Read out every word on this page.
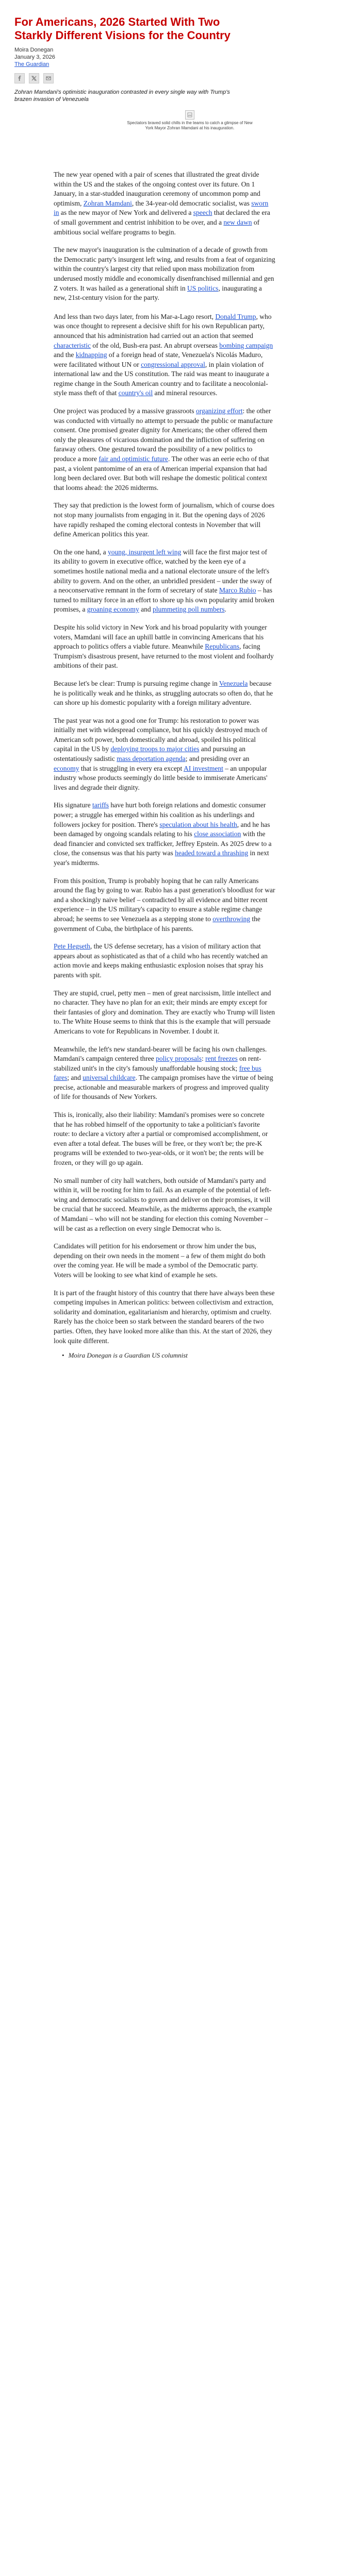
For Americans, 2026 Started With Two Starkly Different Visions for the Country
Moira Donegan
January 3, 2026
The Guardian
Zohran Mamdani's optimistic inauguration contrasted in every single way with Trump's brazen invasion of Venezuela
Spectators braved solid chills in the teams to catch a glimpse of New York Mayor Zohran Mamdani at his inauguration.

The new year opened with a pair of scenes that illustrated the great divide within the US and the stakes of the ongoing contest over its future. On 1 January, in a star-studded inauguration ceremony of uncommon pomp and optimism, Zohran Mamdani, the 34-year-old democratic socialist, was sworn in as the new mayor of New York and delivered a speech that declared the era of small government and centrist inhibition to be over, and a new dawn of ambitious social welfare programs to begin.

The new mayor's inauguration is the culmination of a decade of growth from the Democratic party's insurgent left wing, and results from a feat of organizing within the country's largest city that relied upon mass mobilization from underused mostly middle and economically disenfranchised millennial and gen Z voters. It was hailed as a generational shift in US politics, inaugurating a new, 21st-century vision for the party.

And less than two days later, from his Mar-a-Lago resort, Donald Trump, who was once thought to represent a decisive shift for his own Republican party, announced that his administration had carried out an action that seemed characteristic of the old, Bush-era past. An abrupt overseas bombing campaign and the kidnapping of a foreign head of state, Venezuela's Nicolás Maduro, were facilitated without UN or congressional approval, in plain violation of international law and the US constitution. The raid was meant to inaugurate a regime change in the South American country and to facilitate a neocolonial-style mass theft of that country's oil and mineral resources.

One project was produced by a massive grassroots organizing effort: the other was conducted with virtually no attempt to persuade the public or manufacture consent. One promised greater dignity for Americans; the other offered them only the pleasures of vicarious domination and the infliction of suffering on faraway others. One gestured toward the possibility of a new politics to produce a more fair and optimistic future. The other was an eerie echo of that past, a violent pantomime of an era of American imperial expansion that had long been declared over. But both will reshape the domestic political context that looms ahead: the 2026 midterms.

They say that prediction is the lowest form of journalism, which of course does not stop many journalists from engaging in it. But the opening days of 2026 have rapidly reshaped the coming electoral contests in November that will define American politics this year.

On the one hand, a young, insurgent left wing will face the first major test of its ability to govern in executive office, watched by the keen eye of a sometimes hostile national media and a national electorate unsure of the left's ability to govern. And on the other, an unbridled president – under the sway of a neoconservative remnant in the form of secretary of state Marco Rubio – has turned to military force in an effort to shore up his own popularity amid broken promises, a groaning economy and plummeting poll numbers.

Despite his solid victory in New York and his broad popularity with younger voters, Mamdani will face an uphill battle in convincing Americans that his approach to politics offers a viable future. Meanwhile Republicans, facing Trumpism's disastrous present, have returned to the most violent and foolhardy ambitions of their past.

Because let's be clear: Trump is pursuing regime change in Venezuela because he is politically weak and he thinks, as struggling autocrats so often do, that he can shore up his domestic popularity with a foreign military adventure.

The past year was not a good one for Trump: his restoration to power was initially met with widespread compliance, but his quickly destroyed much of American soft power, both domestically and abroad, spoiled his political capital in the US by deploying troops to major cities and pursuing an ostentatiously sadistic mass deportation agenda; and presiding over an economy that is struggling in every era except AI investment – an unpopular industry whose products seemingly do little beside to immiserate Americans' lives and degrade their dignity.

His signature tariffs have hurt both foreign relations and domestic consumer power; a struggle has emerged within his coalition as his underlings and followers jockey for position. There's speculation about his health, and he has been damaged by ongoing scandals relating to his close association with the dead financier and convicted sex trafficker, Jeffrey Epstein. As 2025 drew to a close, the consensus was that his party was headed toward a thrashing in next year's midterms.

From this position, Trump is probably hoping that he can rally Americans around the flag by going to war. Rubio has a past generation's bloodlust for war and a shockingly naive belief – contradicted by all evidence and bitter recent experience – in the US military's capacity to ensure a stable regime change abroad; he seems to see Venezuela as a stepping stone to overthrowing the government of Cuba, the birthplace of his parents.

Pete Hegseth, the US defense secretary, has a vision of military action that appears about as sophisticated as that of a child who has recently watched an action movie and keeps making enthusiastic explosion noises that spray his parents with spit.

They are stupid, cruel, petty men – men of great narcissism, little intellect and no character. They have no plan for an exit; their minds are empty except for their fantasies of glory and domination. They are exactly who Trump will listen to. The White House seems to think that this is the example that will persuade Americans to vote for Republicans in November. I doubt it.

Meanwhile, the left's new standard-bearer will be facing his own challenges. Mamdani's campaign centered three policy proposals: rent freezes on rent-stabilized unit's in the city's famously unaffordable housing stock; free bus fares; and universal childcare. The campaign promises have the virtue of being precise, actionable and measurable markers of progress and improved quality of life for thousands of New Yorkers.

This is, ironically, also their liability: Mamdani's promises were so concrete that he has robbed himself of the opportunity to take a politician's favorite route: to declare a victory after a partial or compromised accomplishment, or even after a total defeat. The buses will be free, or they won't be; the pre-K programs will be extended to two-year-olds, or it won't be; the rents will be frozen, or they will go up again.

No small number of city hall watchers, both outside of Mamdani's party and within it, will be rooting for him to fail. As an example of the potential of left-wing and democratic socialists to govern and deliver on their promises, it will be crucial that he succeed. Meanwhile, as the midterms approach, the example of Mamdani – who will not be standing for election this coming November – will be cast as a reflection on every single Democrat who is.

Candidates will petition for his endorsement or throw him under the bus, depending on their own needs in the moment – a few of them might do both over the coming year. He will be made a symbol of the Democratic party. Voters will be looking to see what kind of example he sets.

It is part of the fraught history of this country that there have always been these competing impulses in American politics: between collectivism and extraction, solidarity and domination, egalitarianism and hierarchy, optimism and cruelty. Rarely has the choice been so stark between the standard bearers of the two parties. Often, they have looked more alike than this. At the start of 2026, they look quite different.

• Moira Donegan is a Guardian US columnist
